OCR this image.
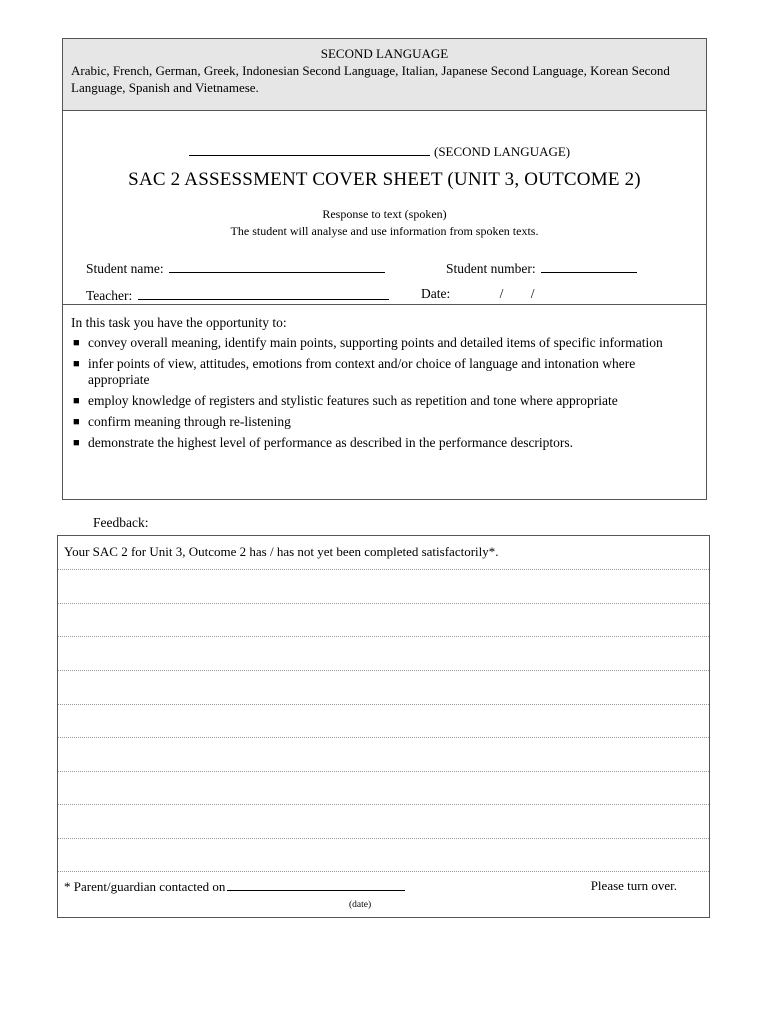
SECOND LANGUAGE
Arabic, French, German, Greek, Indonesian Second Language, Italian, Japanese Second Language, Korean Second Language, Spanish and Vietnamese.
(SECOND LANGUAGE)
SAC 2 ASSESSMENT COVER SHEET (UNIT 3, OUTCOME 2)
Response to text (spoken)
The student will analyse and use information from spoken texts.
Student name:	Student number:
Teacher:	Date:	/ /
In this task you have the opportunity to:
■ convey overall meaning, identify main points, supporting points and detailed items of specific information
■ infer points of view, attitudes, emotions from context and/or choice of language and intonation where appropriate
■ employ knowledge of registers and stylistic features such as repetition and tone where appropriate
■ confirm meaning through re-listening
■ demonstrate the highest level of performance as described in the performance descriptors.
Feedback:
Your SAC 2 for Unit 3, Outcome 2 has / has not yet been completed satisfactorily*.
* Parent/guardian contacted on	Please turn over.
(date)
